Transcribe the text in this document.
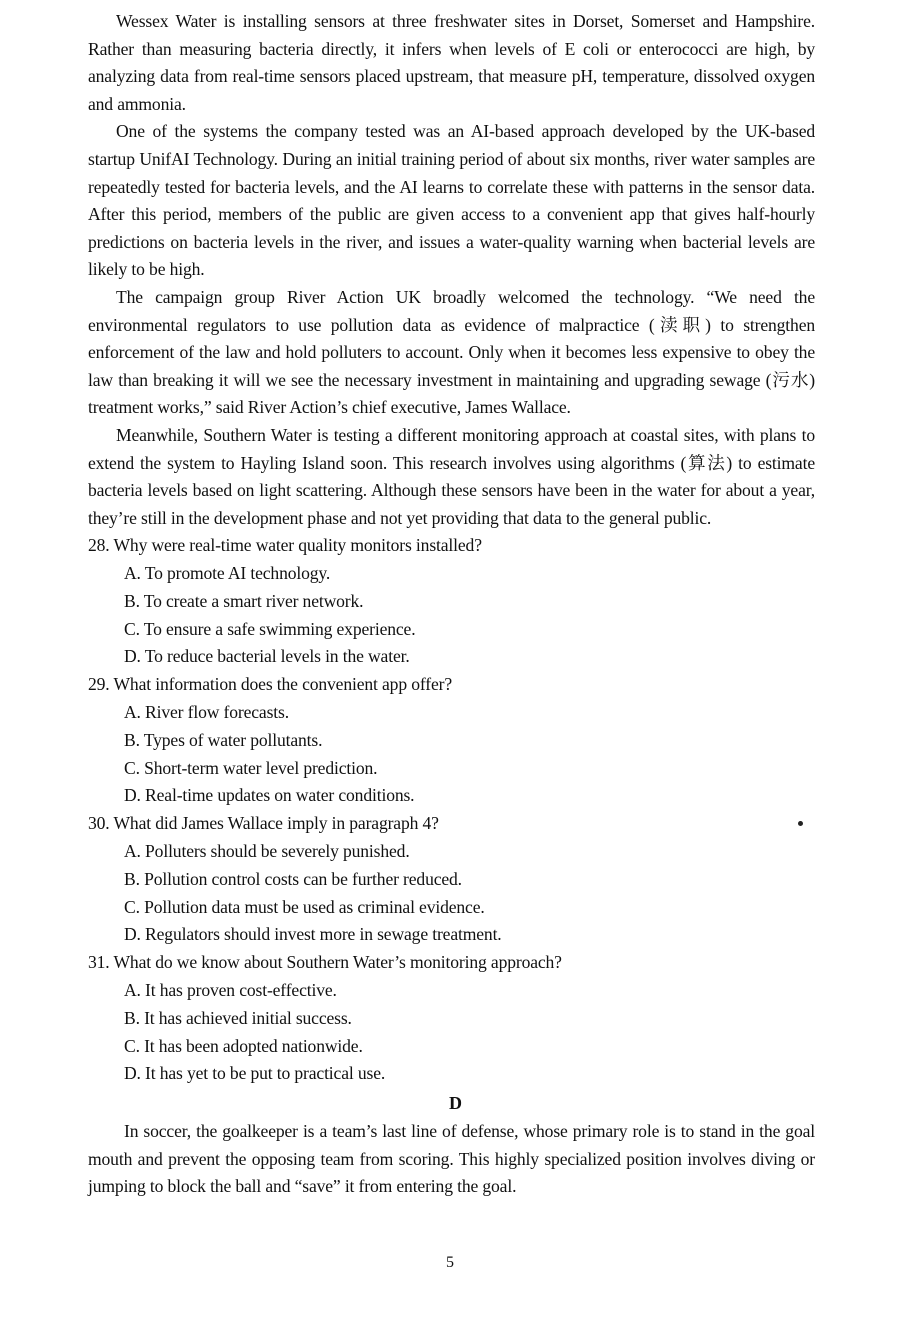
Wessex Water is installing sensors at three freshwater sites in Dorset, Somerset and Hampshire. Rather than measuring bacteria directly, it infers when levels of E coli or enterococci are high, by analyzing data from real-time sensors placed upstream, that measure pH, temperature, dissolved oxygen and ammonia.

One of the systems the company tested was an AI-based approach developed by the UK-based startup UnifAI Technology. During an initial training period of about six months, river water samples are repeatedly tested for bacteria levels, and the AI learns to correlate these with patterns in the sensor data. After this period, members of the public are given access to a convenient app that gives half-hourly predictions on bacteria levels in the river, and issues a water-quality warning when bacterial levels are likely to be high.

The campaign group River Action UK broadly welcomed the technology. “We need the environmental regulators to use pollution data as evidence of malpractice (渎职) to strengthen enforcement of the law and hold polluters to account. Only when it becomes less expensive to obey the law than breaking it will we see the necessary investment in maintaining and upgrading sewage (污水) treatment works,” said River Action’s chief executive, James Wallace.

Meanwhile, Southern Water is testing a different monitoring approach at coastal sites, with plans to extend the system to Hayling Island soon. This research involves using algorithms (算法) to estimate bacteria levels based on light scattering. Although these sensors have been in the water for about a year, they’re still in the development phase and not yet providing that data to the general public.

28. Why were real-time water quality monitors installed?

A. To promote AI technology.

B. To create a smart river network.

C. To ensure a safe swimming experience.

D. To reduce bacterial levels in the water.

29. What information does the convenient app offer?

A. River flow forecasts.

B. Types of water pollutants.

C. Short-term water level prediction.

D. Real-time updates on water conditions.

30. What did James Wallace imply in paragraph 4?

A. Polluters should be severely punished.

B. Pollution control costs can be further reduced.

C. Pollution data must be used as criminal evidence.

D. Regulators should invest more in sewage treatment.

31. What do we know about Southern Water’s monitoring approach?

A. It has proven cost-effective.

B. It has achieved initial success.

C. It has been adopted nationwide.

D. It has yet to be put to practical use.

D

In soccer, the goalkeeper is a team’s last line of defense, whose primary role is to stand in the goal mouth and prevent the opposing team from scoring. This highly specialized position involves diving or jumping to block the ball and “save” it from entering the goal.

5
